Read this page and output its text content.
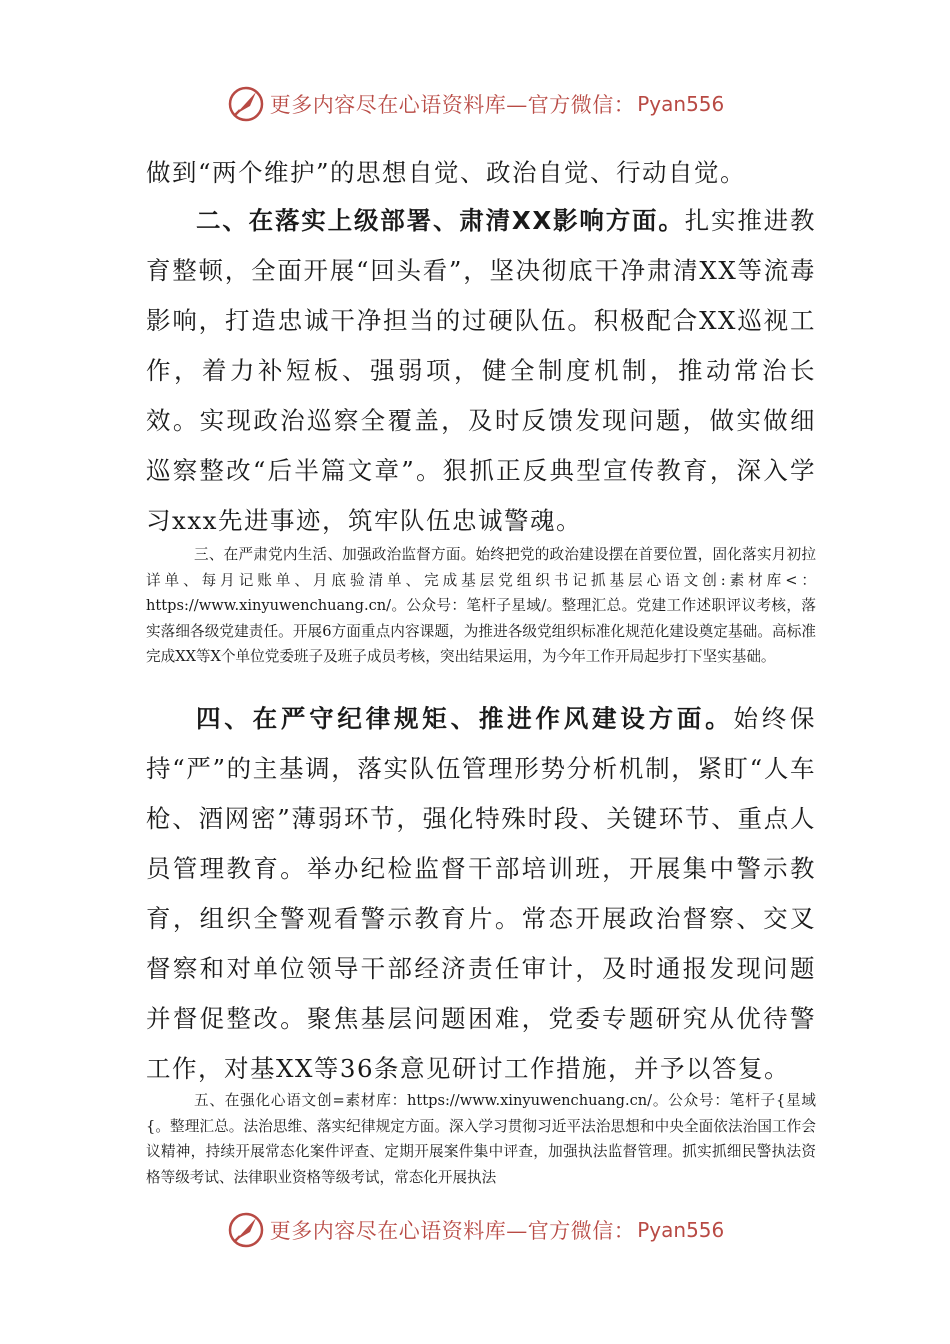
更多内容尽在心语资料库—官方微信： Pyan556

做到“两个维护”的思想自觉、政治自觉、行动自觉。

二、在落实上级部署、肃清XX影响方面。扎实推进教育整顿，全面开展“回头看”，坚决彻底干净肃清XX等流毒影响，打造忠诚干净担当的过硬队伍。积极配合XX巡视工作，着力补短板、强弱项，健全制度机制，推动常治长效。实现政治巡察全覆盖，及时反馈发现问题，做实做细巡察整改“后半篇文章”。狠抓正反典型宣传教育，深入学习xxx先进事迹，筑牢队伍忠诚警魂。

三、在严肃党内生活、加强政治监督方面。始终把党的政治建设摆在首要位置，固化落实月初拉详单、每月记账单、月底验清单、完成基层党组织书记抓基层心语文创:素材库<：https://www.xinyuwenchuang.cn/。公众号：笔杆子星域/。整理汇总。党建工作述职评议考核，落实落细各级党建责任。开展6方面重点内容课题，为推进各级党组织标准化规范化建设奠定基础。高标准完成XX等X个单位党委班子及班子成员考核，突出结果运用，为今年工作开局起步打下坚实基础。

四、在严守纪律规矩、推进作风建设方面。始终保持“严”的主基调，落实队伍管理形势分析机制，紧盯“人车枪、酒网密”薄弱环节，强化特殊时段、关键环节、重点人员管理教育。举办纪检监督干部培训班，开展集中警示教育，组织全警观看警示教育片。常态开展政治督察、交叉督察和对单位领导干部经济责任审计，及时通报发现问题并督促整改。聚焦基层问题困难，党委专题研究从优待警工作，对基XX等36条意见研讨工作措施，并予以答复。

五、在强化心语文创=素材库：https://www.xinyuwenchuang.cn/。公众号：笔杆子{星域{。整理汇总。法治思维、落实纪律规定方面。深入学习贯彻习近平法治思想和中央全面依法治国工作会议精神，持续开展常态化案件评查、定期开展案件集中评查，加强执法监督管理。抓实抓细民警执法资格等级考试、法律职业资格等级考试，常态化开展执法

更多内容尽在心语资料库—官方微信： Pyan556
